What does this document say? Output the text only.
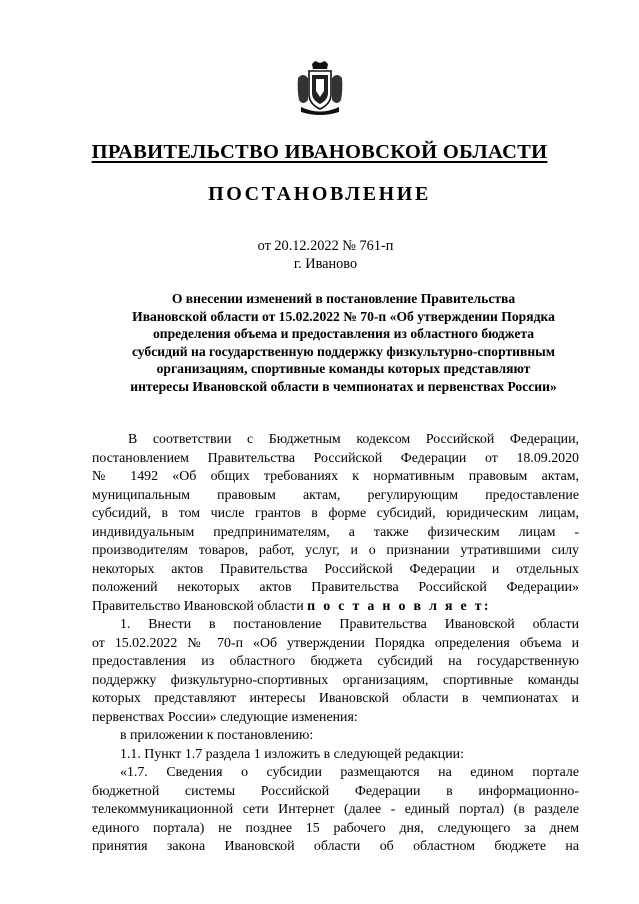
ПРАВИТЕЛЬСТВО ИВАНОВСКОЙ ОБЛАСТИ
ПОСТАНОВЛЕНИЕ
от 20.12.2022 № 761-п
г. Иваново
О внесении изменений в постановление Правительства
Ивановской области от 15.02.2022 № 70-п «Об утверждении Порядка
определения объема и предоставления из областного бюджета
субсидий на государственную поддержку физкультурно-спортивным
организациям, спортивные команды которых представляют
интересы Ивановской области в чемпионатах и первенствах России»
В соответствии с Бюджетным кодексом Российской Федерации,
постановлением Правительства Российской Федерации от 18.09.2020
№ 1492 «Об общих требованиях к нормативным правовым актам,
муниципальным правовым актам, регулирующим предоставление
субсидий, в том числе грантов в форме субсидий, юридическим лицам,
индивидуальным предпринимателям, а также физическим лицам -
производителям товаров, работ, услуг, и о признании утратившими силу
некоторых актов Правительства Российской Федерации и отдельных
положений некоторых актов Правительства Российской Федерации»
Правительство Ивановской области п о с т а н о в л я е т:
1. Внести в постановление Правительства Ивановской области
от 15.02.2022 № 70-п «Об утверждении Порядка определения объема и
предоставления из областного бюджета субсидий на государственную
поддержку физкультурно-спортивных организациям, спортивные команды
которых представляют интересы Ивановской области в чемпионатах и
первенствах России» следующие изменения:
в приложении к постановлению:
1.1. Пункт 1.7 раздела 1 изложить в следующей редакции:
«1.7. Сведения о субсидии размещаются на едином портале
бюджетной системы Российской Федерации в информационно-
телекоммуникационной сети Интернет (далее - единый портал) (в разделе
единого портала) не позднее 15 рабочего дня, следующего за днем
принятия закона Ивановской области об областном бюджете на
